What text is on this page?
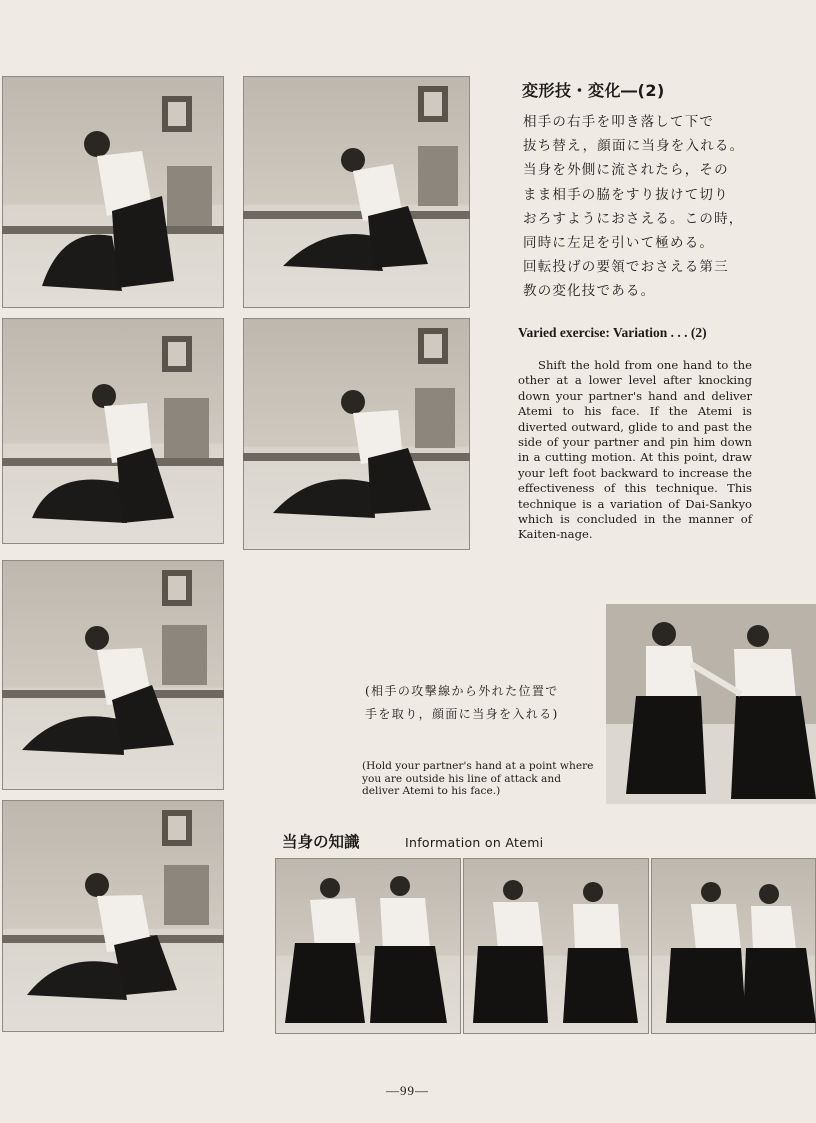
変形技・変化―(2)
相手の右手を叩き落して下で
抜ち替え，顔面に当身を入れる。
当身を外側に流されたら，その
まま相手の脇をすり抜けて切り
おろすようにおさえる。この時，
同時に左足を引いて極める。
回転投げの要領でおさえる第三
教の変化技である。
Varied exercise: Variation . . . (2)
Shift the hold from one hand to the other at a lower level after knocking down your partner's hand and deliver Atemi to his face. If the Atemi is diverted outward, glide to and past the side of your partner and pin him down in a cutting motion. At this point, draw your left foot backward to increase the effectiveness of this technique. This technique is a variation of Dai-Sankyo which is concluded in the manner of Kaiten-nage.
(相手の攻撃線から外れた位置で
手を取り，顔面に当身を入れる)
(Hold your partner's hand at a point where you are outside his line of attack and deliver Atemi to his face.)
当身の知識	Information on Atemi
—99—
